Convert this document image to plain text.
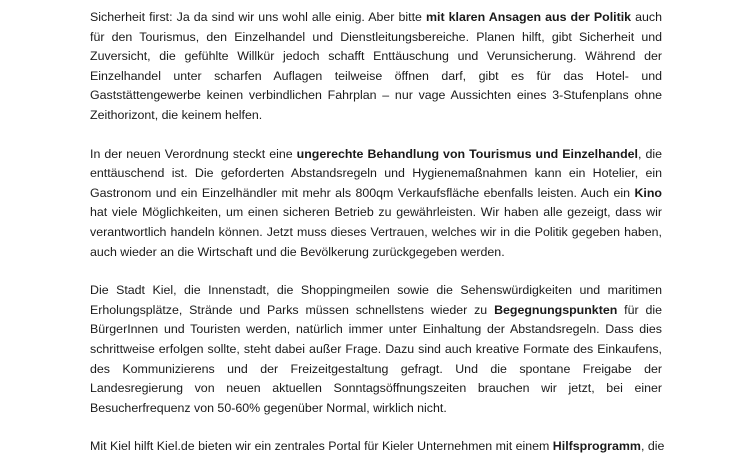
Sicherheit first: Ja da sind wir uns wohl alle einig. Aber bitte mit klaren Ansagen aus der Politik auch für den Tourismus, den Einzelhandel und Dienstleitungsbereiche. Planen hilft, gibt Sicherheit und Zuversicht, die gefühlte Willkür jedoch schafft Enttäuschung und Verunsicherung. Während der Einzelhandel unter scharfen Auflagen teilweise öffnen darf, gibt es für das Hotel- und Gaststättengewerbe keinen verbindlichen Fahrplan – nur vage Aussichten eines 3-Stufenplans ohne Zeithorizont, die keinem helfen.

In der neuen Verordnung steckt eine ungerechte Behandlung von Tourismus und Einzelhandel, die enttäuschend ist. Die geforderten Abstandsregeln und Hygienemaßnahmen kann ein Hotelier, ein Gastronom und ein Einzelhändler mit mehr als 800qm Verkaufsfläche ebenfalls leisten. Auch ein Kino hat viele Möglichkeiten, um einen sicheren Betrieb zu gewährleisten. Wir haben alle gezeigt, dass wir verantwortlich handeln können. Jetzt muss dieses Vertrauen, welches wir in die Politik gegeben haben, auch wieder an die Wirtschaft und die Bevölkerung zurückgegeben werden.

Die Stadt Kiel, die Innenstadt, die Shoppingmeilen sowie die Sehenswürdigkeiten und maritimen Erholungsplätze, Strände und Parks müssen schnellstens wieder zu Begegnungspunkten für die BürgerInnen und Touristen werden, natürlich immer unter Einhaltung der Abstandsregeln. Dass dies schrittweise erfolgen sollte, steht dabei außer Frage. Dazu sind auch kreative Formate des Einkaufens, des Kommunizierens und der Freizeitgestaltung gefragt. Und die spontane Freigabe der Landesregierung von neuen aktuellen Sonntagsöffnungszeiten brauchen wir jetzt, bei einer Besucherfrequenz von 50-60% gegenüber Normal, wirklich nicht.

Mit Kiel hilft Kiel.de bieten wir ein zentrales Portal für Kieler Unternehmen mit einem Hilfsprogramm, die
